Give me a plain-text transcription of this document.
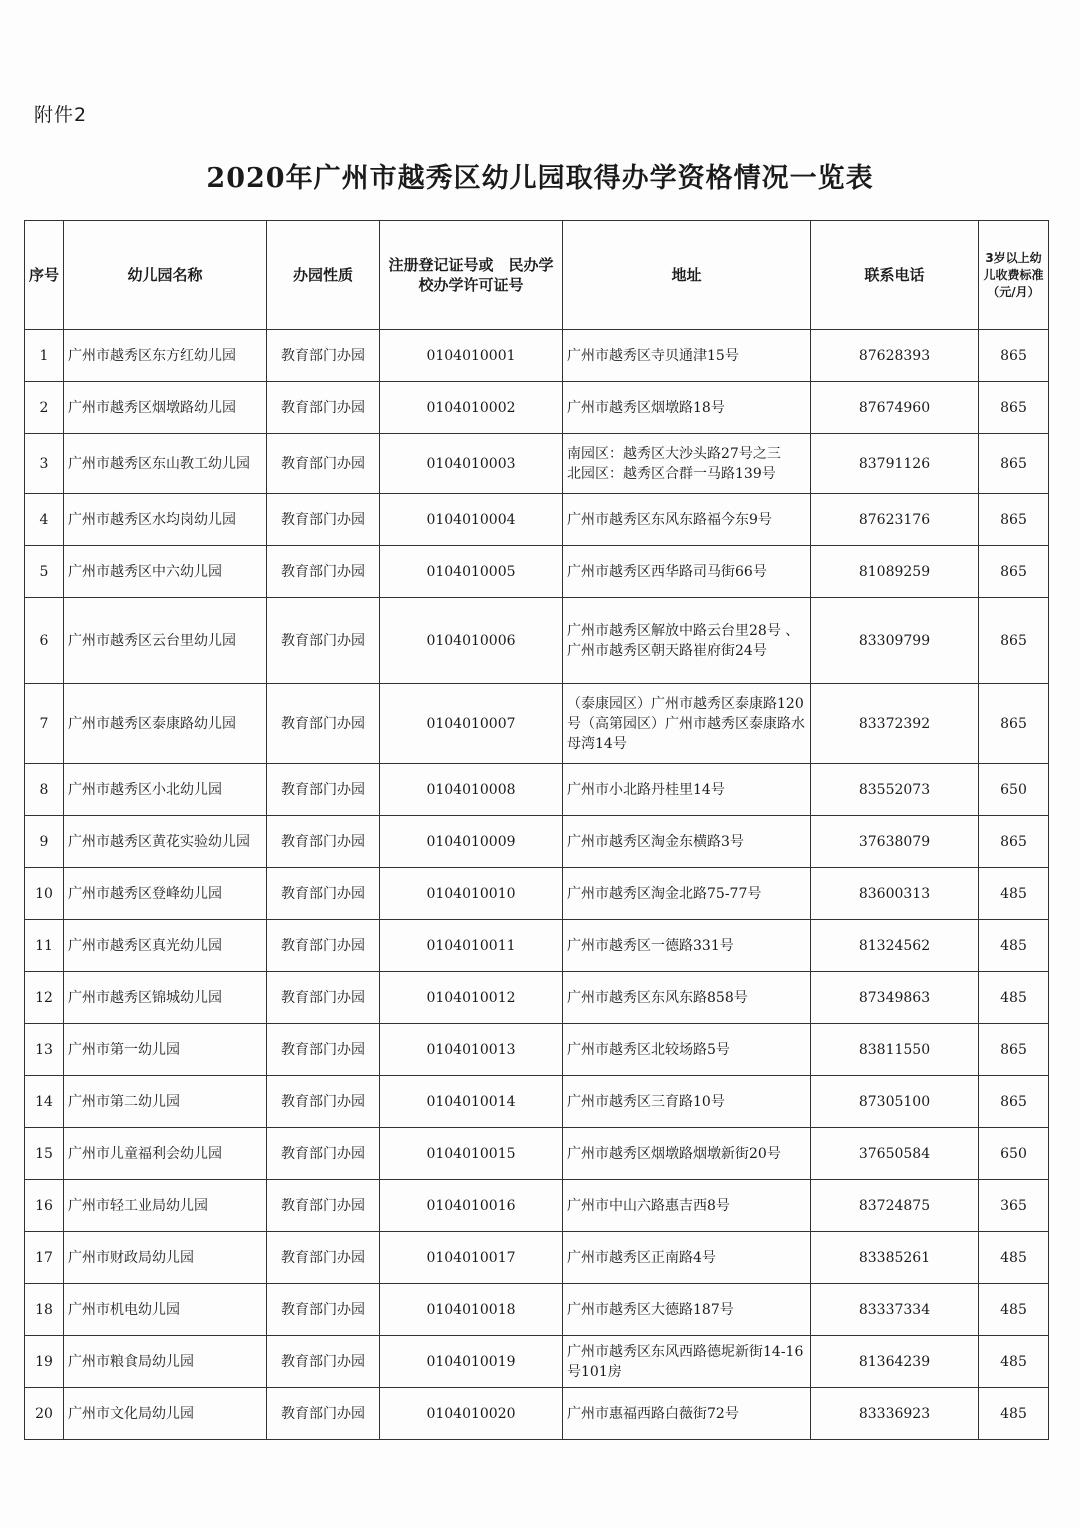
附件2
2020年广州市越秀区幼儿园取得办学资格情况一览表
序号	幼儿园名称	办园性质	注册登记证号或　民办学校办学许可证号	地址	联系电话	3岁以上幼儿收费标准（元/月）
1	广州市越秀区东方红幼儿园	教育部门办园	0104010001	广州市越秀区寺贝通津15号	87628393	865
2	广州市越秀区烟墩路幼儿园	教育部门办园	0104010002	广州市越秀区烟墩路18号	87674960	865
3	广州市越秀区东山教工幼儿园	教育部门办园	0104010003	南园区：越秀区大沙头路27号之三　北园区：越秀区合群一马路139号	83791126	865
4	广州市越秀区水均岗幼儿园	教育部门办园	0104010004	广州市越秀区东风东路福今东9号	87623176	865
5	广州市越秀区中六幼儿园	教育部门办园	0104010005	广州市越秀区西华路司马街66号	81089259	865
6	广州市越秀区云台里幼儿园	教育部门办园	0104010006	广州市越秀区解放中路云台里28号 、广州市越秀区朝天路崔府街24号	83309799	865
7	广州市越秀区泰康路幼儿园	教育部门办园	0104010007	（泰康园区）广州市越秀区泰康路120号（高第园区）广州市越秀区泰康路水母湾14号	83372392	865
8	广州市越秀区小北幼儿园	教育部门办园	0104010008	广州市小北路丹桂里14号	83552073	650
9	广州市越秀区黄花实验幼儿园	教育部门办园	0104010009	广州市越秀区淘金东横路3号	37638079	865
10	广州市越秀区登峰幼儿园	教育部门办园	0104010010	广州市越秀区淘金北路75-77号	83600313	485
11	广州市越秀区真光幼儿园	教育部门办园	0104010011	广州市越秀区一德路331号	81324562	485
12	广州市越秀区锦城幼儿园	教育部门办园	0104010012	广州市越秀区东风东路858号	87349863	485
13	广州市第一幼儿园	教育部门办园	0104010013	广州市越秀区北较场路5号	83811550	865
14	广州市第二幼儿园	教育部门办园	0104010014	广州市越秀区三育路10号	87305100	865
15	广州市儿童福利会幼儿园	教育部门办园	0104010015	广州市越秀区烟墩路烟墩新街20号	37650584	650
16	广州市轻工业局幼儿园	教育部门办园	0104010016	广州市中山六路惠吉西8号	83724875	365
17	广州市财政局幼儿园	教育部门办园	0104010017	广州市越秀区正南路4号	83385261	485
18	广州市机电幼儿园	教育部门办园	0104010018	广州市越秀区大德路187号	83337334	485
19	广州市粮食局幼儿园	教育部门办园	0104010019	广州市越秀区东风西路德坭新街14-16号101房	81364239	485
20	广州市文化局幼儿园	教育部门办园	0104010020	广州市惠福西路白薇街72号	83336923	485
